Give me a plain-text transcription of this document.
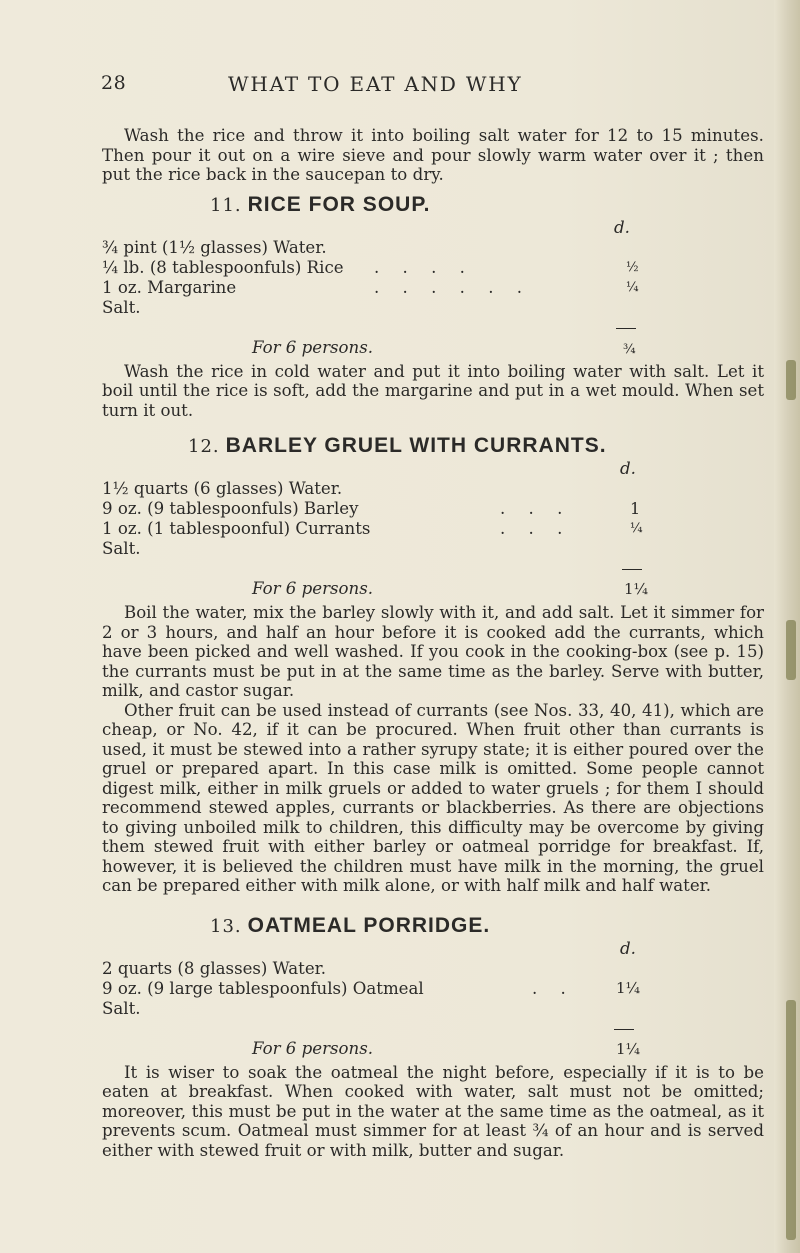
28	WHAT TO EAT AND WHY

Wash the rice and throw it into boiling salt water for 12 to 15 minutes. Then pour it out on a wire sieve and pour slowly warm water over it ; then put the rice back in the saucepan to dry.

11. RICE FOR SOUP.
d.
¾ pint (1½ glasses) Water.
¼ lb. (8 tablespoonfuls) Rice . . . .	½
1 oz. Margarine	. . . . . .	¼
Salt.
For 6 persons.	¾

Wash the rice in cold water and put it into boiling water with salt. Let it boil until the rice is soft, add the margarine and put in a wet mould. When set turn it out.

12. BARLEY GRUEL WITH CURRANTS.
d.
1½ quarts (6 glasses) Water.
9 oz. (9 tablespoonfuls) Barley	. . .	1
1 oz. (1 tablespoonful) Currants	. . .	¼
Salt.
For 6 persons.	1¼

Boil the water, mix the barley slowly with it, and add salt. Let it simmer for 2 or 3 hours, and half an hour before it is cooked add the currants, which have been picked and well washed. If you cook in the cooking-box (see p. 15) the currants must be put in at the same time as the barley. Serve with butter, milk, and castor sugar.

Other fruit can be used instead of currants (see Nos. 33, 40, 41), which are cheap, or No. 42, if it can be procured. When fruit other than currants is used, it must be stewed into a rather syrupy state; it is either poured over the gruel or prepared apart. In this case milk is omitted. Some people cannot digest milk, either in milk gruels or added to water gruels ; for them I should recommend stewed apples, currants or blackberries. As there are objections to giving unboiled milk to children, this difficulty may be overcome by giving them stewed fruit with either barley or oatmeal porridge for breakfast. If, however, it is believed the children must have milk in the morning, the gruel can be prepared either with milk alone, or with half milk and half water.

13. OATMEAL PORRIDGE.
d.
2 quarts (8 glasses) Water.
9 oz. (9 large tablespoonfuls) Oatmeal	. .	1¼
Salt.
For 6 persons.	1¼

It is wiser to soak the oatmeal the night before, especially if it is to be eaten at breakfast. When cooked with water, salt must not be omitted; moreover, this must be put in the water at the same time as the oatmeal, as it prevents scum. Oatmeal must simmer for at least ¾ of an hour and is served either with stewed fruit or with milk, butter and sugar.
